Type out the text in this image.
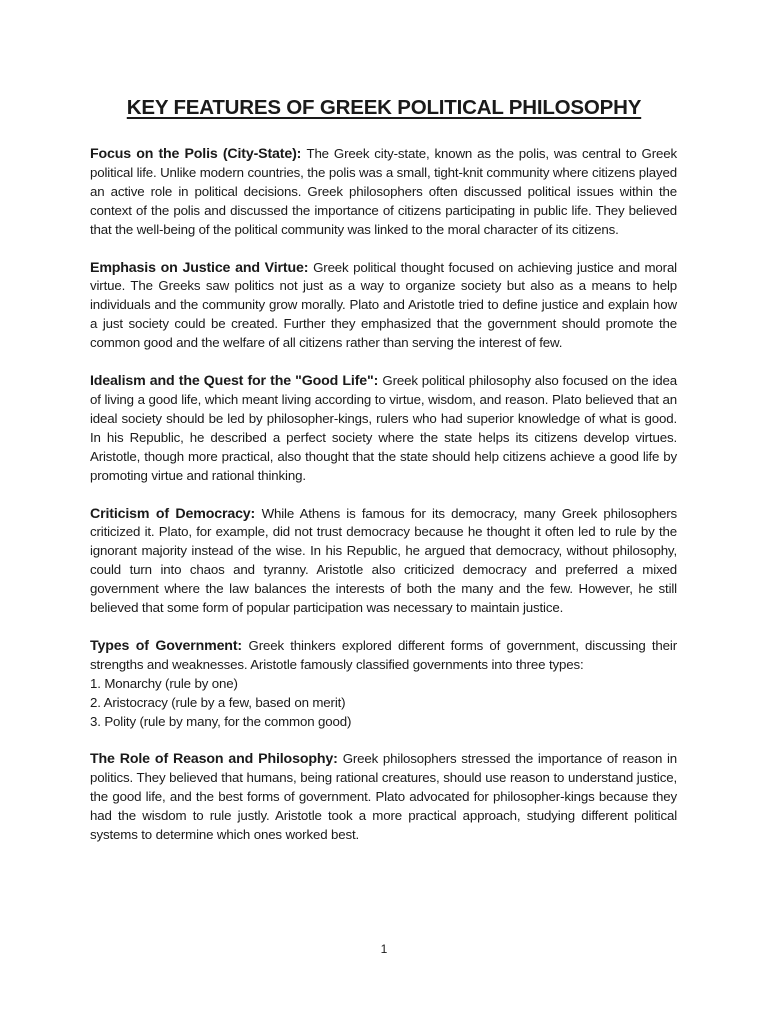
KEY FEATURES OF GREEK POLITICAL PHILOSOPHY

Focus on the Polis (City-State): The Greek city-state, known as the polis, was central to Greek political life. Unlike modern countries, the polis was a small, tight-knit community where citizens played an active role in political decisions. Greek philosophers often discussed political issues within the context of the polis and discussed the importance of citizens participating in public life. They believed that the well-being of the political community was linked to the moral character of its citizens.

Emphasis on Justice and Virtue: Greek political thought focused on achieving justice and moral virtue. The Greeks saw politics not just as a way to organize society but also as a means to help individuals and the community grow morally. Plato and Aristotle tried to define justice and explain how a just society could be created. Further they emphasized that the government should promote the common good and the welfare of all citizens rather than serving the interest of few.

Idealism and the Quest for the "Good Life": Greek political philosophy also focused on the idea of living a good life, which meant living according to virtue, wisdom, and reason. Plato believed that an ideal society should be led by philosopher-kings, rulers who had superior knowledge of what is good. In his Republic, he described a perfect society where the state helps its citizens develop virtues. Aristotle, though more practical, also thought that the state should help citizens achieve a good life by promoting virtue and rational thinking.

Criticism of Democracy: While Athens is famous for its democracy, many Greek philosophers criticized it. Plato, for example, did not trust democracy because he thought it often led to rule by the ignorant majority instead of the wise. In his Republic, he argued that democracy, without philosophy, could turn into chaos and tyranny. Aristotle also criticized democracy and preferred a mixed government where the law balances the interests of both the many and the few. However, he still believed that some form of popular participation was necessary to maintain justice.

Types of Government: Greek thinkers explored different forms of government, discussing their strengths and weaknesses. Aristotle famously classified governments into three types:
1. Monarchy (rule by one)
2. Aristocracy (rule by a few, based on merit)
3. Polity (rule by many, for the common good)

The Role of Reason and Philosophy: Greek philosophers stressed the importance of reason in politics. They believed that humans, being rational creatures, should use reason to understand justice, the good life, and the best forms of government. Plato advocated for philosopher-kings because they had the wisdom to rule justly. Aristotle took a more practical approach, studying different political systems to determine which ones worked best.

1
